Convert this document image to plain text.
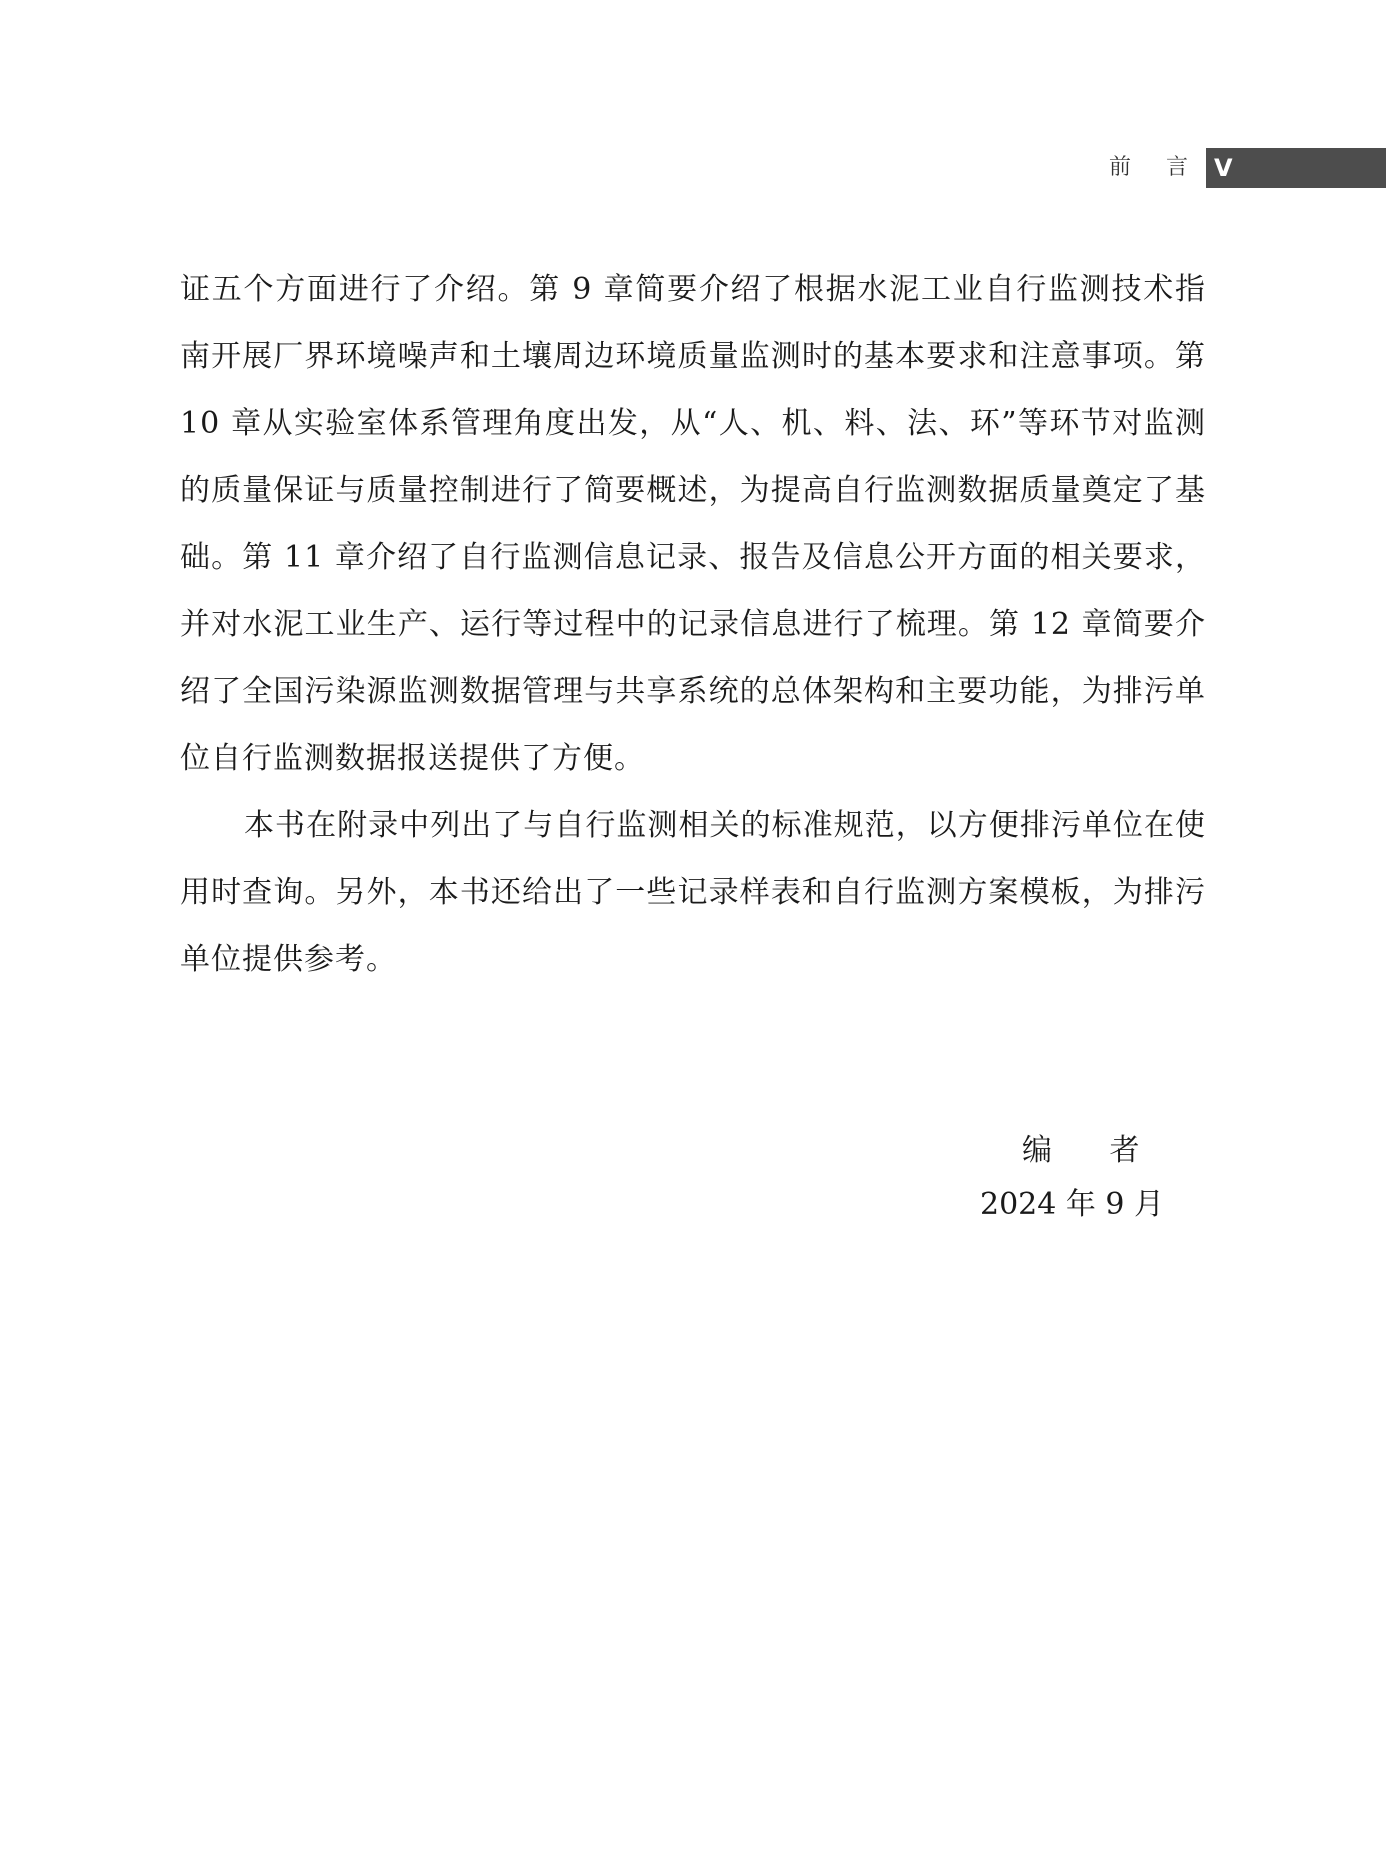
前 言 V

证五个方面进行了介绍。第 9 章简要介绍了根据水泥工业自行监测技术指南开展厂界环境噪声和土壤周边环境质量监测时的基本要求和注意事项。第 10 章从实验室体系管理角度出发，从“人、机、料、法、环”等环节对监测的质量保证与质量控制进行了简要概述，为提高自行监测数据质量奠定了基础。第 11 章介绍了自行监测信息记录、报告及信息公开方面的相关要求，并对水泥工业生产、运行等过程中的记录信息进行了梳理。第 12 章简要介绍了全国污染源监测数据管理与共享系统的总体架构和主要功能，为排污单位自行监测数据报送提供了方便。

本书在附录中列出了与自行监测相关的标准规范，以方便排污单位在使用时查询。另外，本书还给出了一些记录样表和自行监测方案模板，为排污单位提供参考。

编 者
2024 年 9 月
